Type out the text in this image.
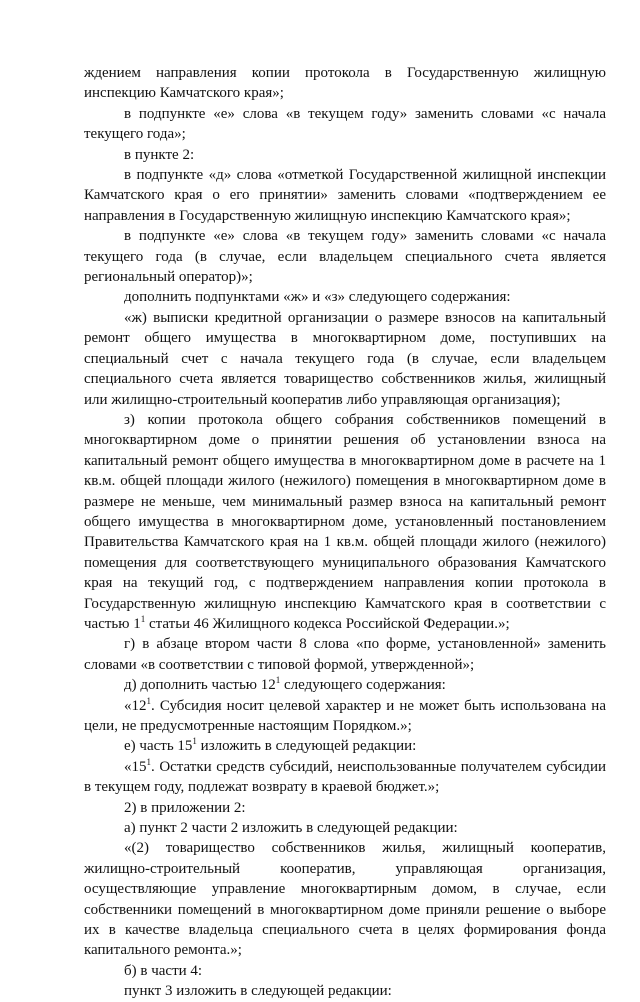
ждением направления копии протокола в Государственную жилищную инспекцию Камчатского края»;

в подпункте «е» слова «в текущем году» заменить словами «с начала текущего года»;

в пункте 2:

в подпункте «д» слова «отметкой Государственной жилищной инспекции Камчатского края о его принятии» заменить словами «подтверждением ее направления в Государственную жилищную инспекцию Камчатского края»;

в подпункте «е» слова «в текущем году» заменить словами «с начала текущего года (в случае, если владельцем специального счета является региональный оператор)»;

дополнить подпунктами «ж» и «з» следующего содержания:

«ж) выписки кредитной организации о размере взносов на капитальный ремонт общего имущества в многоквартирном доме, поступивших на специальный счет с начала текущего года (в случае, если владельцем специального счета является товарищество собственников жилья, жилищный или жилищно-строительный кооператив либо управляющая организация);

з) копии протокола общего собрания собственников помещений в многоквартирном доме о принятии решения об установлении взноса на капитальный ремонт общего имущества в многоквартирном доме в расчете на 1 кв.м. общей площади жилого (нежилого) помещения в многоквартирном доме в размере не меньше, чем минимальный размер взноса на капитальный ремонт общего имущества в многоквартирном доме, установленный постановлением Правительства Камчатского края на 1 кв.м. общей площади жилого (нежилого) помещения для соответствующего муниципального образования Камчатского края на текущий год, с подтверждением направления копии протокола в Государственную жилищную инспекцию Камчатского края в соответствии с частью $1^1$ статьи 46 Жилищного кодекса Российской Федерации.»;

г) в абзаце втором части 8 слова «по форме, установленной» заменить словами «в соответствии с типовой формой, утвержденной»;

д) дополнить частью $12^1$ следующего содержания:

«$12^1$. Субсидия носит целевой характер и не может быть использована на цели, не предусмотренные настоящим Порядком.»;

е) часть $15^1$ изложить в следующей редакции:

«$15^1$. Остатки средств субсидий, неиспользованные получателем субсидии в текущем году, подлежат возврату в краевой бюджет.»;

2) в приложении 2:

а) пункт 2 части 2 изложить в следующей редакции:

«(2) товарищество собственников жилья, жилищный кооператив, жилищно-строительный кооператив, управляющая организация, осуществляющие управление многоквартирным домом, в случае, если собственники помещений в многоквартирном доме приняли решение о выборе их в качестве владельца специального счета в целях формирования фонда капитального ремонта.»;

б) в части 4:

пункт 3 изложить в следующей редакции:
